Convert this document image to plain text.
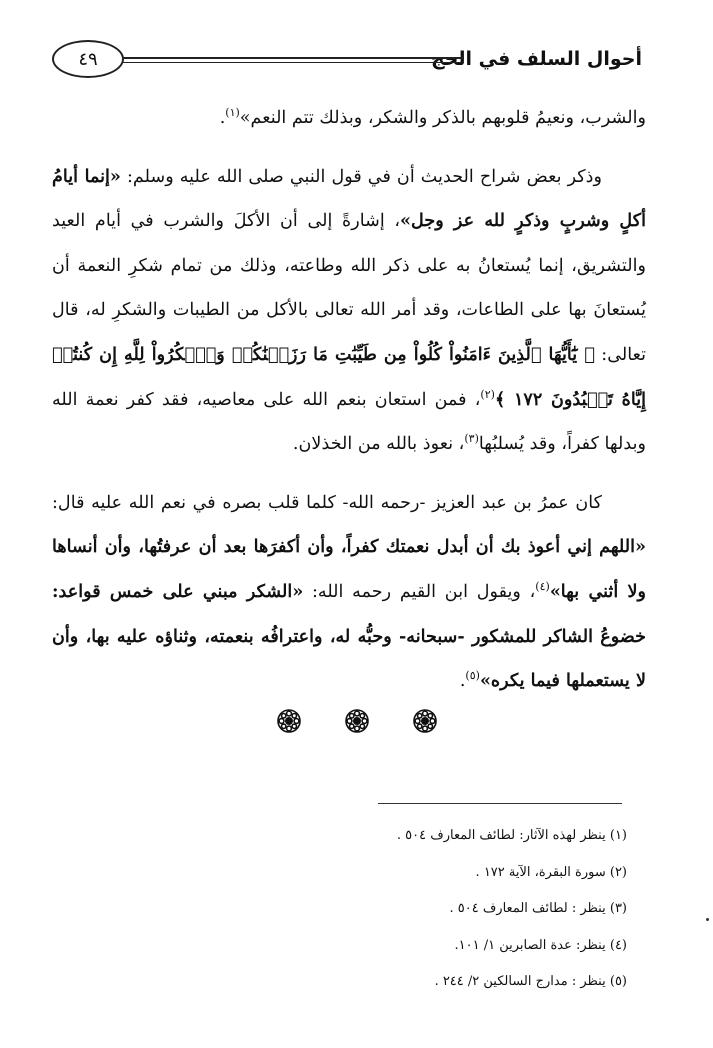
أحوال السلف في الحج
٤٩

والشرب، ونعيمُ قلوبهم بالذكر والشكر، وبذلك تتم النعم»$^{(١)}$.

وذكر بعض شراح الحديث أن في قول النبي صلى الله عليه وسلم: «إنما أيامُ أكلٍ وشربٍ وذكرٍ لله عز وجل»، إشارةً إلى أن الأكلَ والشرب في أيام العيد والتشريق، إنما يُستعانُ به على ذكر الله وطاعته، وذلك من تمام شكرِ النعمة أن يُستعانَ بها على الطاعات، وقد أمر الله تعالى بالأكل من الطيبات والشكرِ له، قال تعالى: ﴿ يَٰٓأَيُّهَا ٱلَّذِينَ ءَامَنُواْ كُلُواْ مِن طَيِّبَٰتِ مَا رَزَقۡنَٰكُمۡ وَٱشۡكُرُواْ لِلَّهِ إِن كُنتُمۡ إِيَّاهُ تَعۡبُدُونَ ١٧٢ ﴾$^{(٢)}$، فمن استعان بنعم الله على معاصيه، فقد كفر نعمة الله وبدلها كفراً، وقد يُسلبُها$^{(٣)}$، نعوذ بالله من الخذلان.

كان عمرُ بن عبد العزيز -رحمه الله- كلما قلب بصره في نعم الله عليه قال: «اللهم إني أعوذ بك أن أبدل نعمتك كفراً، وأن أكفرَها بعد أن عرفتُها، وأن أنساها ولا أثني بها»$^{(٤)}$، ويقول ابن القيم رحمه الله: «الشكر مبني على خمس قواعد: خضوعُ الشاكر للمشكور -سبحانه- وحبُّه له، واعترافُه بنعمته، وثناؤه عليه بها، وأن لا يستعملها فيما يكره»$^{(٥)}$.

(١) ينظر لهذه الآثار: لطائف المعارف ٥٠٤ .
(٢) سورة البقرة، الآية ١٧٢ .
(٣) ينظر : لطائف المعارف ٥٠٤ .
(٤) ينظر: عدة الصابرين ١/ ١٠١.
(٥) ينظر : مدارج السالكين ٢/ ٢٤٤ .
